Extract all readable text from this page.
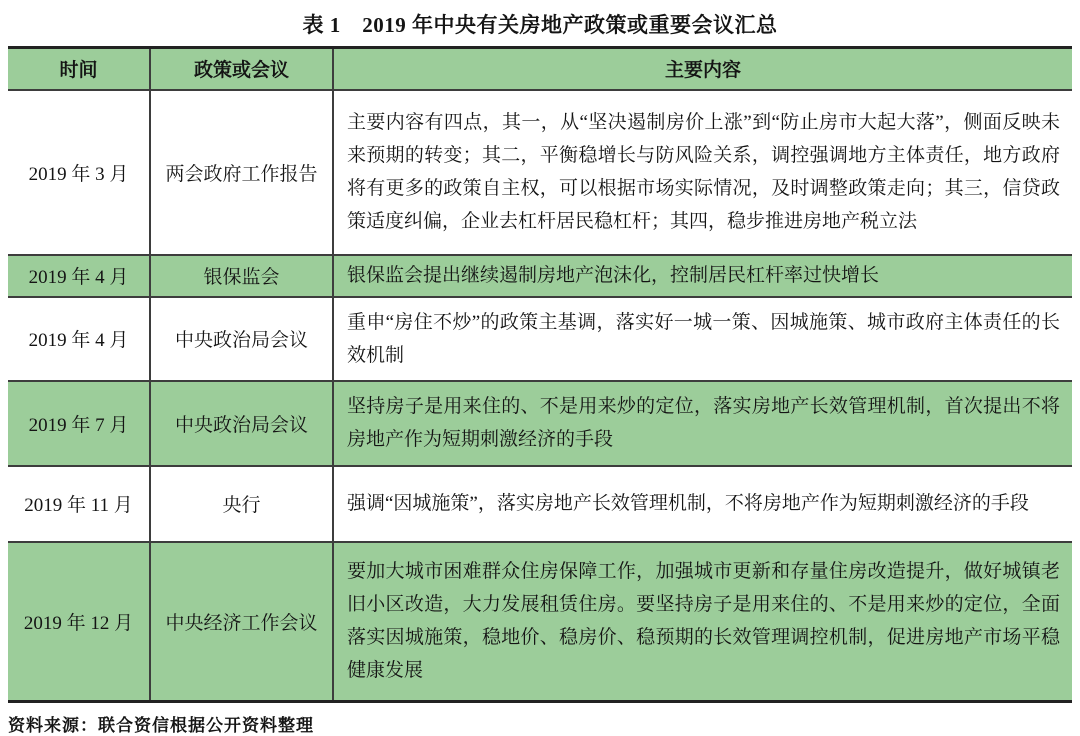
表 1　2019 年中央有关房地产政策或重要会议汇总
时间	政策或会议	主要内容
2019 年 3 月	两会政府工作报告	主要内容有四点，其一，从“坚决遏制房价上涨”到“防止房市大起大落”，侧面反映未来预期的转变；其二，平衡稳增长与防风险关系，调控强调地方主体责任，地方政府将有更多的政策自主权，可以根据市场实际情况，及时调整政策走向；其三，信贷政策适度纠偏，企业去杠杆居民稳杠杆；其四，稳步推进房地产税立法
2019 年 4 月	银保监会	银保监会提出继续遏制房地产泡沫化，控制居民杠杆率过快增长
2019 年 4 月	中央政治局会议	重申“房住不炒”的政策主基调，落实好一城一策、因城施策、城市政府主体责任的长效机制
2019 年 7 月	中央政治局会议	坚持房子是用来住的、不是用来炒的定位，落实房地产长效管理机制，首次提出不将房地产作为短期刺激经济的手段
2019 年 11 月	央行	强调“因城施策”，落实房地产长效管理机制，不将房地产作为短期刺激经济的手段
2019 年 12 月	中央经济工作会议	要加大城市困难群众住房保障工作，加强城市更新和存量住房改造提升，做好城镇老旧小区改造，大力发展租赁住房。要坚持房子是用来住的、不是用来炒的定位，全面落实因城施策，稳地价、稳房价、稳预期的长效管理调控机制，促进房地产市场平稳健康发展
资料来源：联合资信根据公开资料整理
